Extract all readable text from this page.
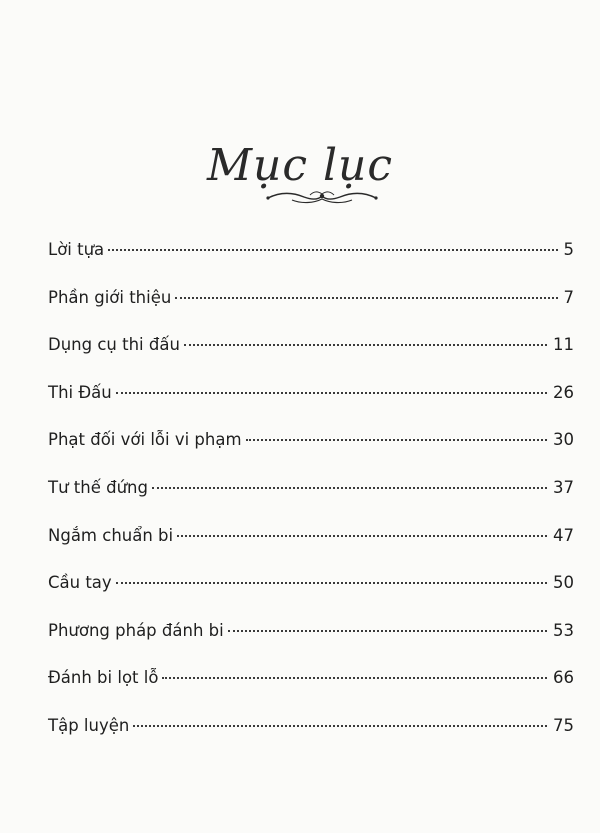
Mục lục
Lời tựa	5
Phần giới thiệu	7
Dụng cụ thi đấu	11
Thi Đấu	26
Phạt đối với lỗi vi phạm	30
Tư thế đứng	37
Ngắm chuẩn bi	47
Cầu tay	50
Phương pháp đánh bi	53
Đánh bi lọt lỗ	66
Tập luyện	75
